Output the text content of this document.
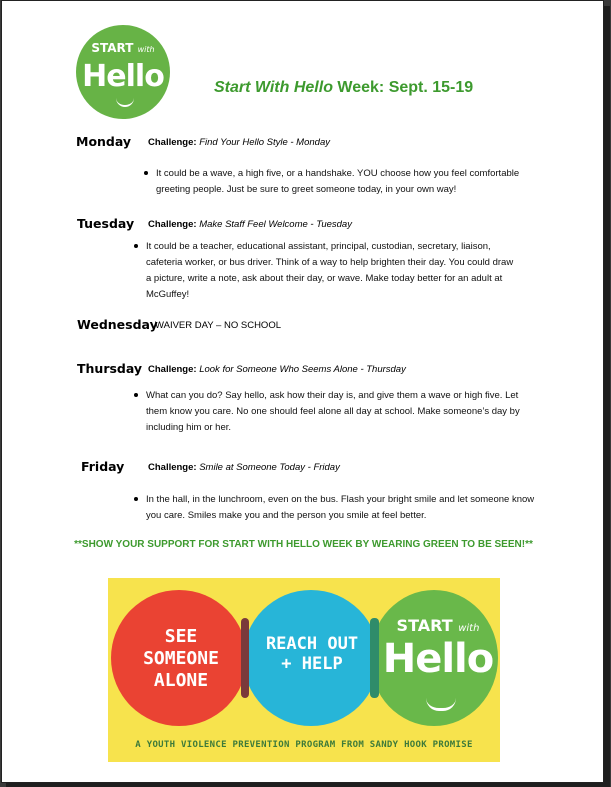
START with
Hello	Start With Hello Week: Sept. 15-19
Monday Challenge: Find Your Hello Style - Monday
It could be a wave, a high five, or a handshake. YOU choose how you feel comfortable greeting people. Just be sure to greet someone today, in your own way!
Tuesday Challenge: Make Staff Feel Welcome - Tuesday
It could be a teacher, educational assistant, principal, custodian, secretary, liaison, cafeteria worker, or bus driver. Think of a way to help brighten their day. You could draw a picture, write a note, ask about their day, or wave. Make today better for an adult at McGuffey!
Wednesday
WAIVER DAY – NO SCHOOL
Thursday Challenge: Look for Someone Who Seems Alone - Thursday
What can you do? Say hello, ask how their day is, and give them a wave or high five. Let them know you care. No one should feel alone all day at school. Make someone’s day by including him or her.
Friday Challenge: Smile at Someone Today - Friday
In the hall, in the lunchroom, even on the bus. Flash your bright smile and let someone know you care. Smiles make you and the person you smile at feel better.
**SHOW YOUR SUPPORT FOR START WITH HELLO WEEK BY WEARING GREEN TO BE SEEN!**
SEE SOMEONE ALONE
REACH OUT + HELP
START with
Hello
A YOUTH VIOLENCE PREVENTION PROGRAM FROM SANDY HOOK PROMISE
